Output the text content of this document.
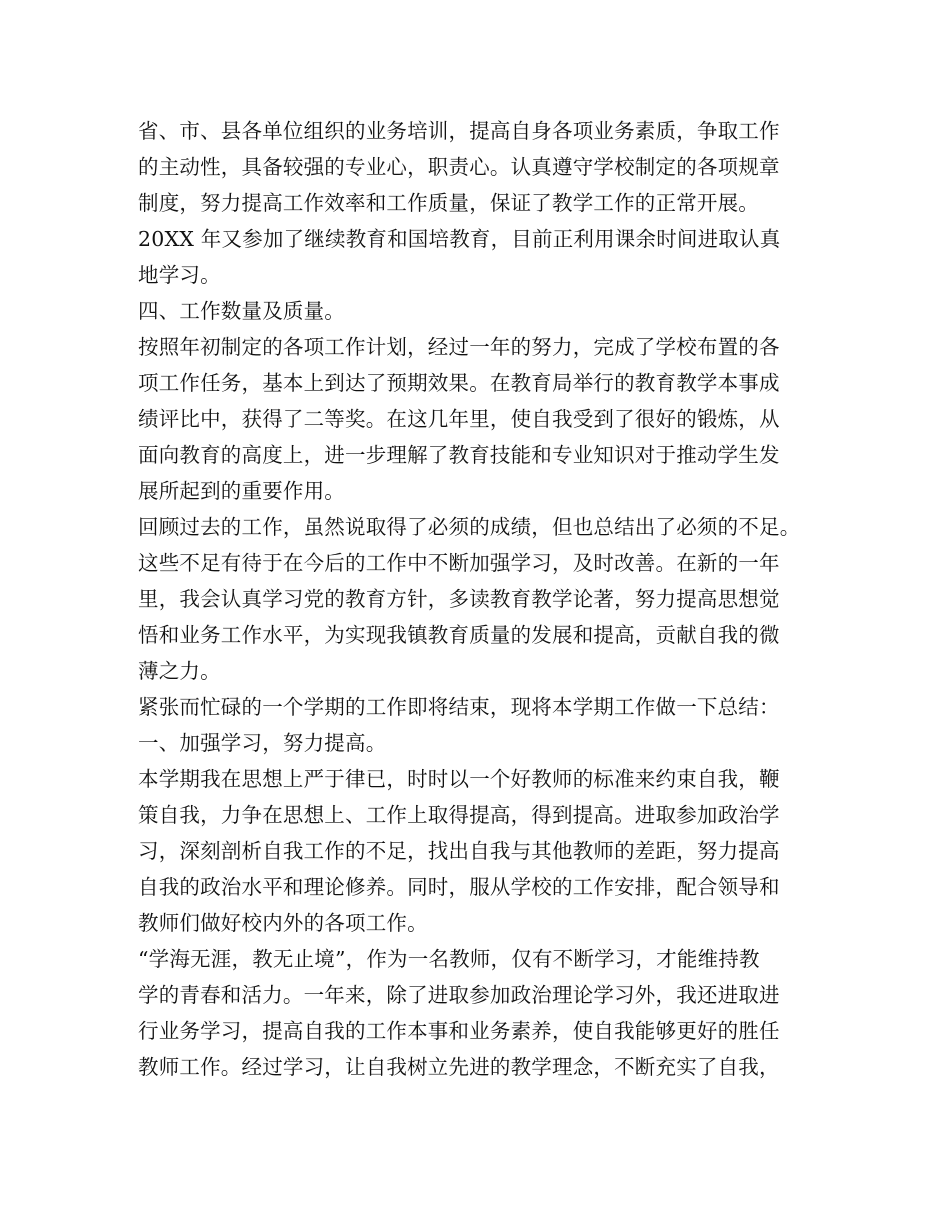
省、市、县各单位组织的业务培训，提高自身各项业务素质，争取工作
的主动性，具备较强的专业心，职责心。认真遵守学校制定的各项规章
制度，努力提高工作效率和工作质量，保证了教学工作的正常开展。
20XX 年又参加了继续教育和国培教育，目前正利用课余时间进取认真
地学习。
四、工作数量及质量。
按照年初制定的各项工作计划，经过一年的努力，完成了学校布置的各
项工作任务，基本上到达了预期效果。在教育局举行的教育教学本事成
绩评比中，获得了二等奖。在这几年里，使自我受到了很好的锻炼，从
面向教育的高度上，进一步理解了教育技能和专业知识对于推动学生发
展所起到的重要作用。
回顾过去的工作，虽然说取得了必须的成绩，但也总结出了必须的不足。
这些不足有待于在今后的工作中不断加强学习，及时改善。在新的一年
里，我会认真学习党的教育方针，多读教育教学论著，努力提高思想觉
悟和业务工作水平，为实现我镇教育质量的发展和提高，贡献自我的微
薄之力。
紧张而忙碌的一个学期的工作即将结束，现将本学期工作做一下总结：
一、加强学习，努力提高。
本学期我在思想上严于律已，时时以一个好教师的标准来约束自我，鞭
策自我，力争在思想上、工作上取得提高，得到提高。进取参加政治学
习，深刻剖析自我工作的不足，找出自我与其他教师的差距，努力提高
自我的政治水平和理论修养。同时，服从学校的工作安排，配合领导和
教师们做好校内外的各项工作。
“学海无涯，教无止境”，作为一名教师，仅有不断学习，才能维持教
学的青春和活力。一年来，除了进取参加政治理论学习外，我还进取进
行业务学习，提高自我的工作本事和业务素养，使自我能够更好的胜任
教师工作。经过学习，让自我树立先进的教学理念，不断充实了自我，
